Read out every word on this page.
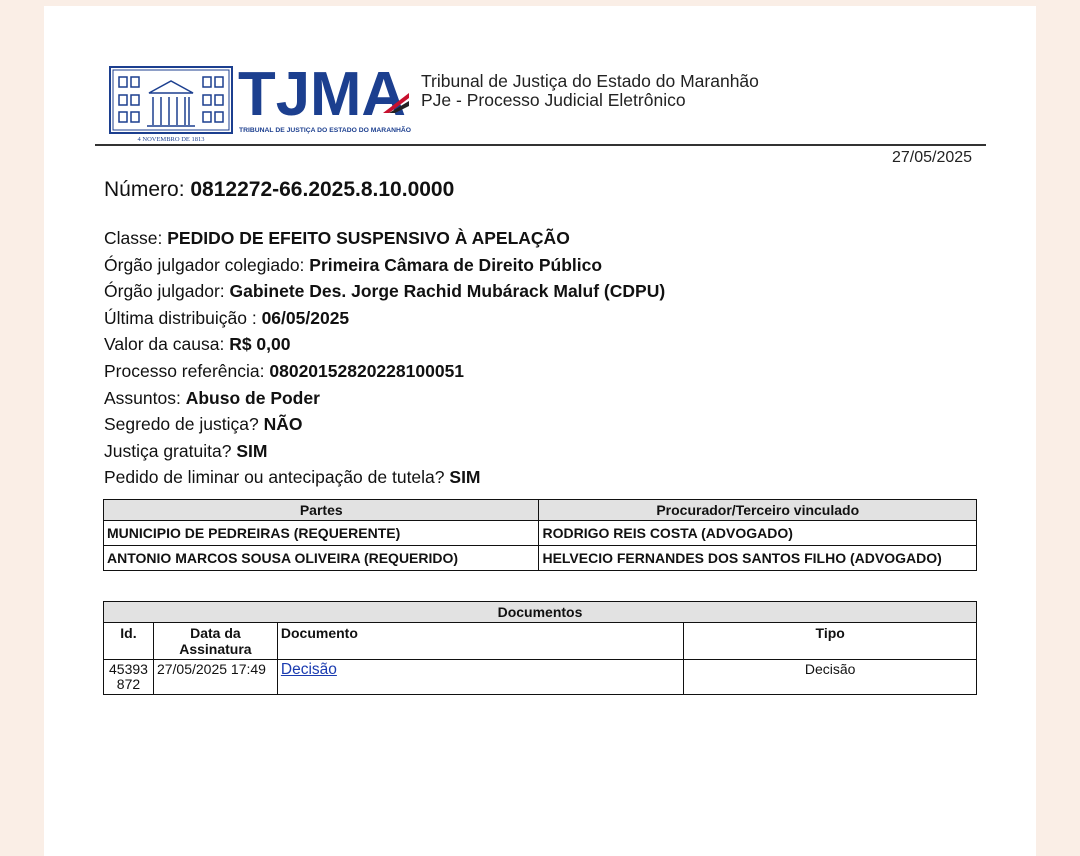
4 NOVEMBRO DE 1813
TJMA
TRIBUNAL DE JUSTIÇA DO ESTADO DO MARANHÃO
Tribunal de Justiça do Estado do Maranhão
PJe - Processo Judicial Eletrônico
27/05/2025
Número: 0812272-66.2025.8.10.0000
Classe: PEDIDO DE EFEITO SUSPENSIVO À APELAÇÃO
Órgão julgador colegiado: Primeira Câmara de Direito Público
Órgão julgador: Gabinete Des. Jorge Rachid Mubárack Maluf (CDPU)
Última distribuição : 06/05/2025
Valor da causa: R$ 0,00
Processo referência: 08020152820228100051
Assuntos: Abuso de Poder
Segredo de justiça? NÃO
Justiça gratuita? SIM
Pedido de liminar ou antecipação de tutela? SIM
Partes	Procurador/Terceiro vinculado
MUNICIPIO DE PEDREIRAS (REQUERENTE)	RODRIGO REIS COSTA (ADVOGADO)
ANTONIO MARCOS SOUSA OLIVEIRA (REQUERIDO)	HELVECIO FERNANDES DOS SANTOS FILHO (ADVOGADO)
Documentos			
Id.	Data da Assinatura	Documento	Tipo
45393872	27/05/2025 17:49	Decisão	Decisão
